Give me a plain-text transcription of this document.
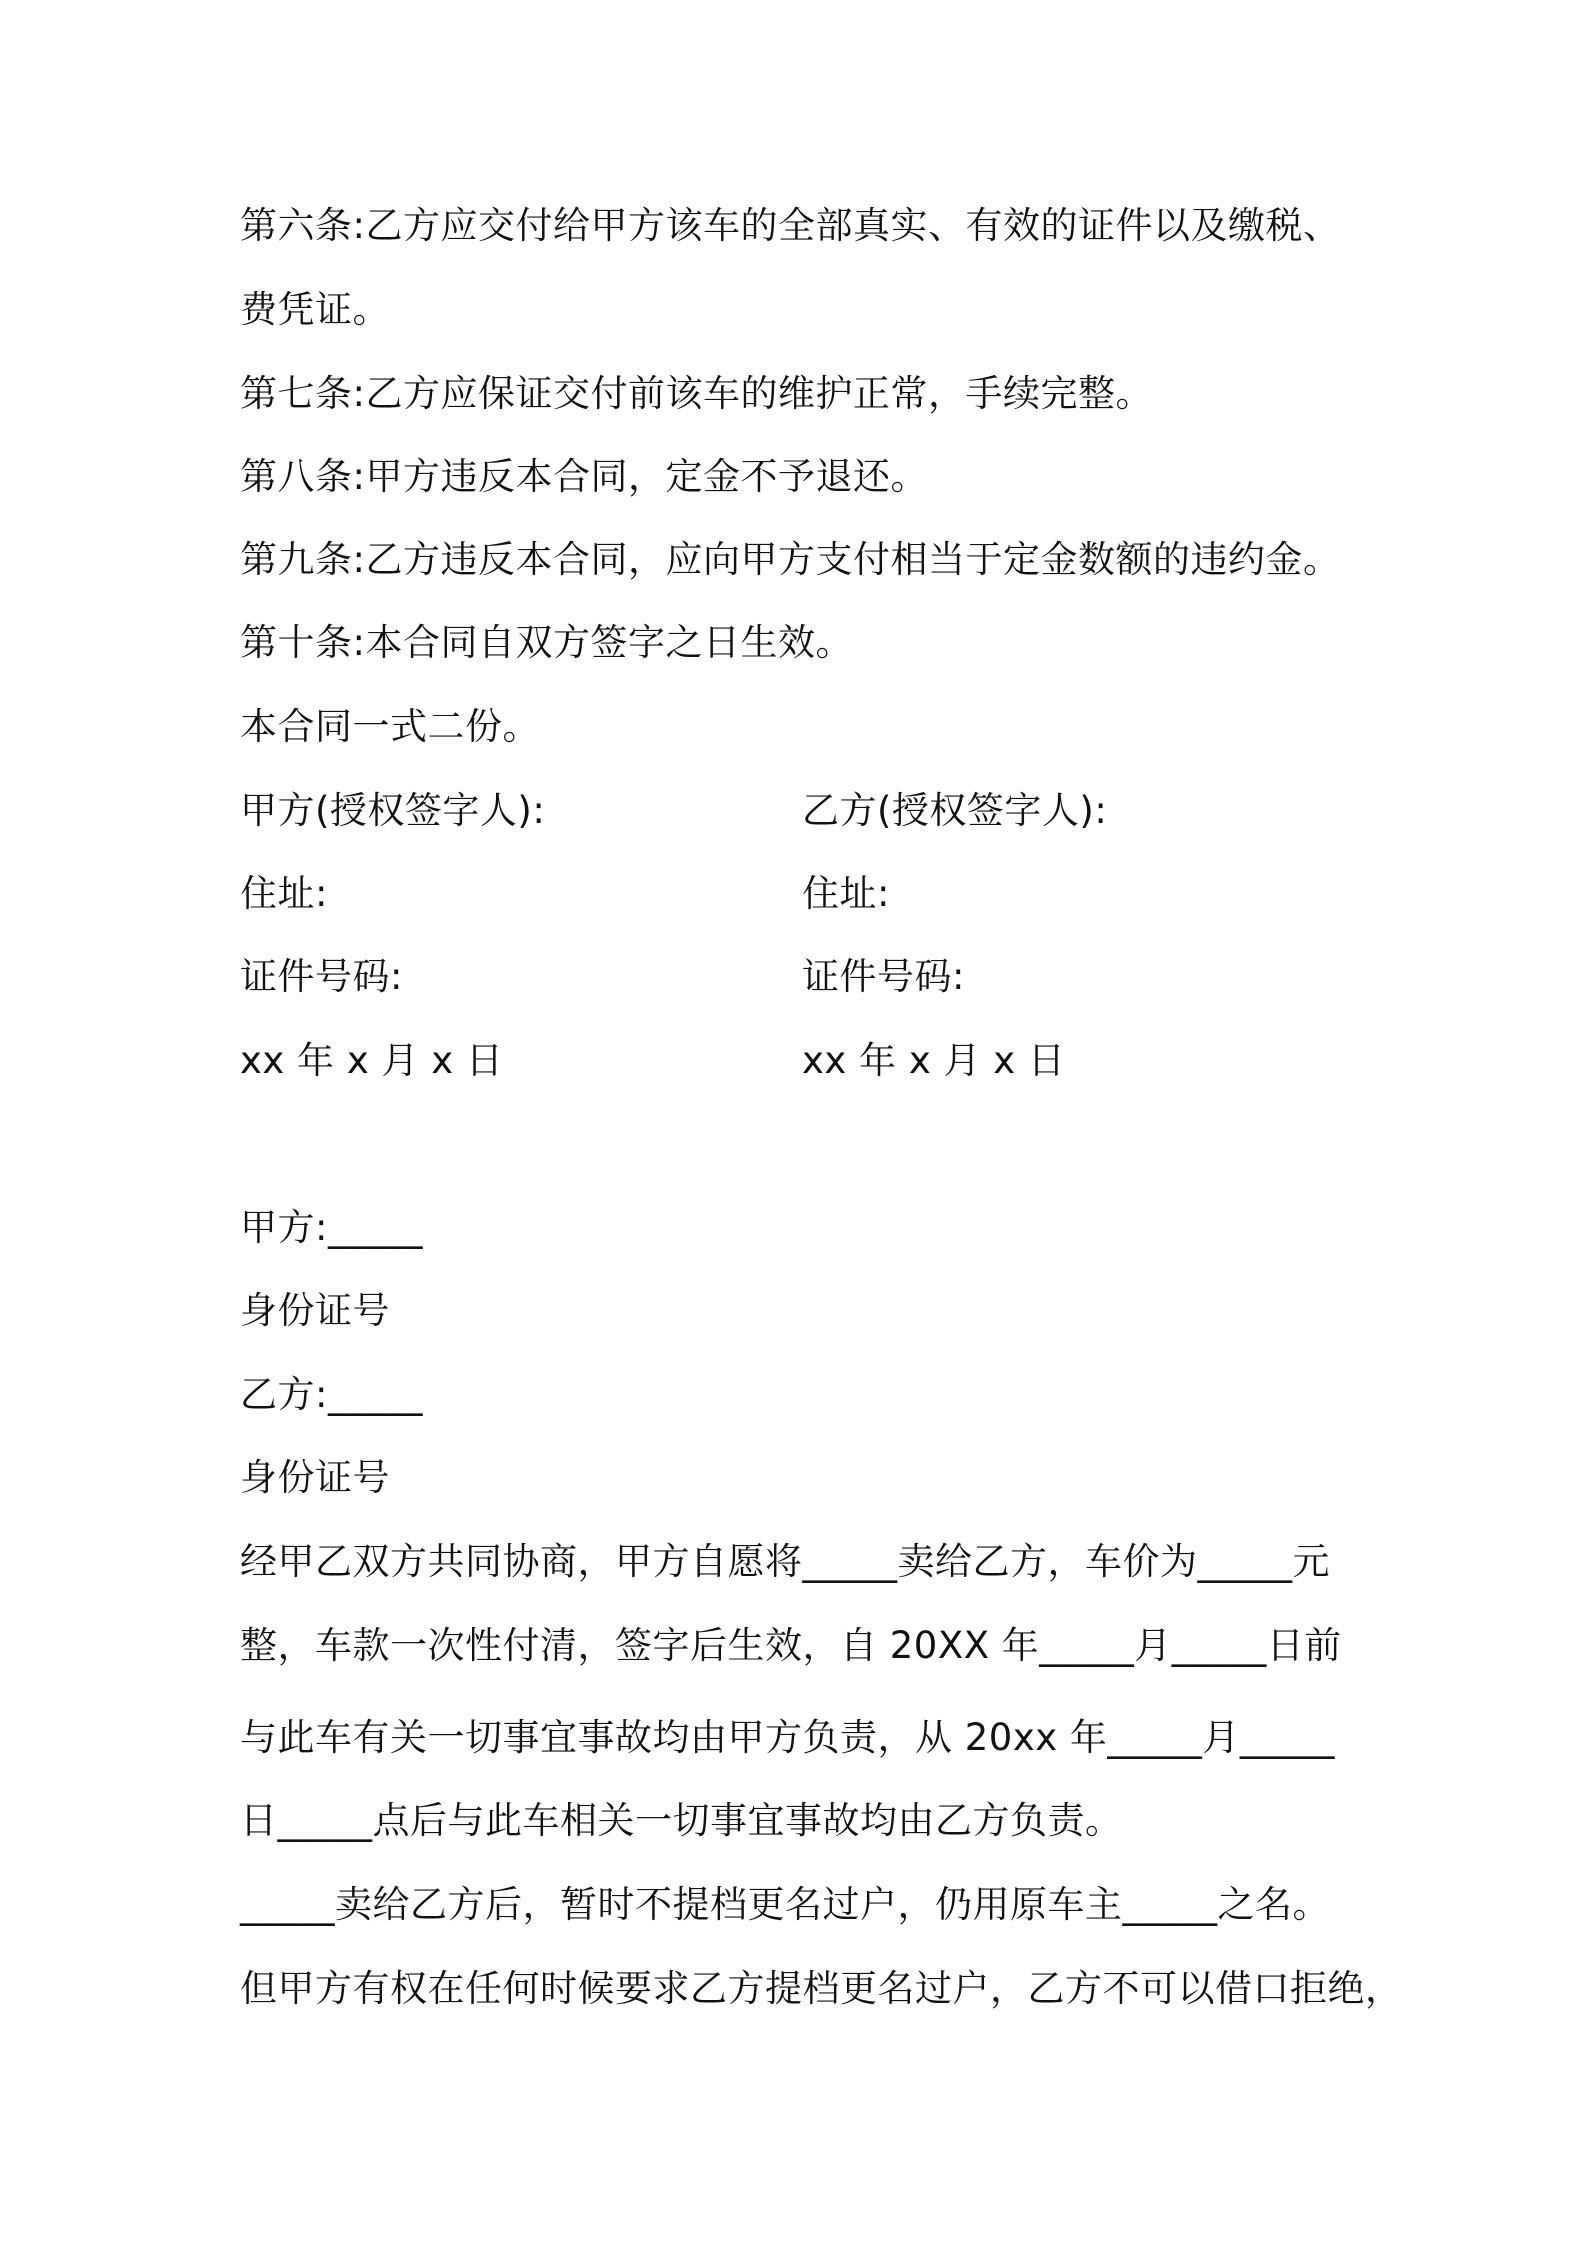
第六条:乙方应交付给甲方该车的全部真实、有效的证件以及缴税、
费凭证。
第七条:乙方应保证交付前该车的维护正常，手续完整。
第八条:甲方违反本合同，定金不予退还。
第九条:乙方违反本合同，应向甲方支付相当于定金数额的违约金。
第十条:本合同自双方签字之日生效。
本合同一式二份。
甲方(授权签字人):	乙方(授权签字人):
住址:	住址:
证件号码:	证件号码:
xx 年 x 月 x 日	xx 年 x 月 x 日
甲方:_____
身份证号
乙方:_____
身份证号
经甲乙双方共同协商，甲方自愿将_____卖给乙方，车价为_____元
整，车款一次性付清，签字后生效，自 20XX 年_____月_____日前
与此车有关一切事宜事故均由甲方负责，从 20xx 年_____月_____
日_____点后与此车相关一切事宜事故均由乙方负责。
_____卖给乙方后，暂时不提档更名过户，仍用原车主_____之名。
但甲方有权在任何时候要求乙方提档更名过户，乙方不可以借口拒绝，
